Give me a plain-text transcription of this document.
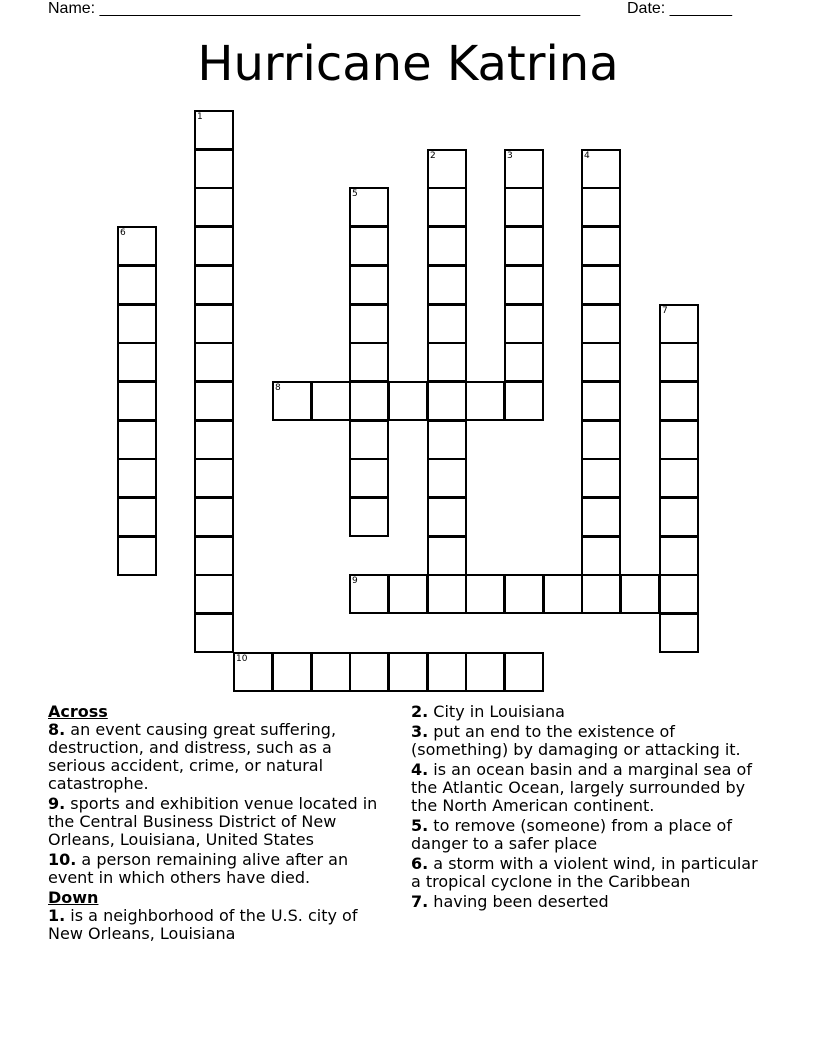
Name: ______________________________________________________	Date: _______
Hurricane Katrina
1
2	3	4
5
6
7
8
9
10
Across
8. an event causing great suffering, destruction, and distress, such as a serious accident, crime, or natural catastrophe.
9. sports and exhibition venue located in the Central Business District of New Orleans, Louisiana, United States
10. a person remaining alive after an event in which others have died.
Down
1. is a neighborhood of the U.S. city of New Orleans, Louisiana
2. City in Louisiana
3. put an end to the existence of (something) by damaging or attacking it.
4. is an ocean basin and a marginal sea of the Atlantic Ocean, largely surrounded by the North American continent.
5. to remove (someone) from a place of danger to a safer place
6. a storm with a violent wind, in particular a tropical cyclone in the Caribbean
7. having been deserted
